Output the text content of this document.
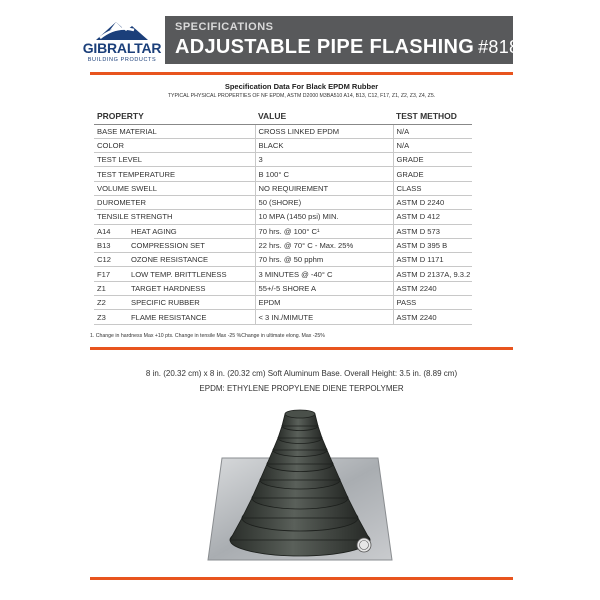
GIBRALTAR
BUILDING PRODUCTS
SPECIFICATIONS
ADJUSTABLE PIPE FLASHING #81840
Specification Data For Black EPDM Rubber
TYPICAL PHYSICAL PROPERTIES OF NF EPDM, ASTM D2000 M3BA510 A14, B13, C12, F17, Z1, Z2, Z3, Z4, Z5.
PROPERTY	VALUE	TEST METHOD
BASE MATERIAL	CROSS LINKED EPDM	N/A
COLOR	BLACK	N/A
TEST LEVEL	3	GRADE
TEST TEMPERATURE	B 100° C	GRADE
VOLUME SWELL	NO REQUIREMENT	CLASS
DUROMETER	50 (SHORE)	ASTM D 2240
TENSILE STRENGTH	10 MPA (1450 psi) MIN.	ASTM D 412
A14 HEAT AGING	70 hrs. @ 100° C¹	ASTM D 573
B13 COMPRESSION SET	22 hrs. @ 70° C - Max. 25%	ASTM D 395 B
C12 OZONE RESISTANCE	70 hrs. @ 50 pphm	ASTM D 1171
F17 LOW TEMP. BRITTLENESS	3 MINUTES @ -40° C	ASTM D 2137A, 9.3.2
Z1 TARGET HARDNESS	55+/-5 SHORE A	ASTM 2240
Z2 SPECIFIC RUBBER	EPDM	PASS
Z3 FLAME RESISTANCE	< 3 IN./MIMUTE	ASTM 2240
1. Change in hardness Max +10 pts. Change in tensile Max -25 %Change in ultimate elong. Max -25%
8 in. (20.32 cm) x 8 in. (20.32 cm) Soft Aluminum Base. Overall Height: 3.5 in. (8.89 cm)
EPDM: ETHYLENE PROPYLENE DIENE TERPOLYMER
